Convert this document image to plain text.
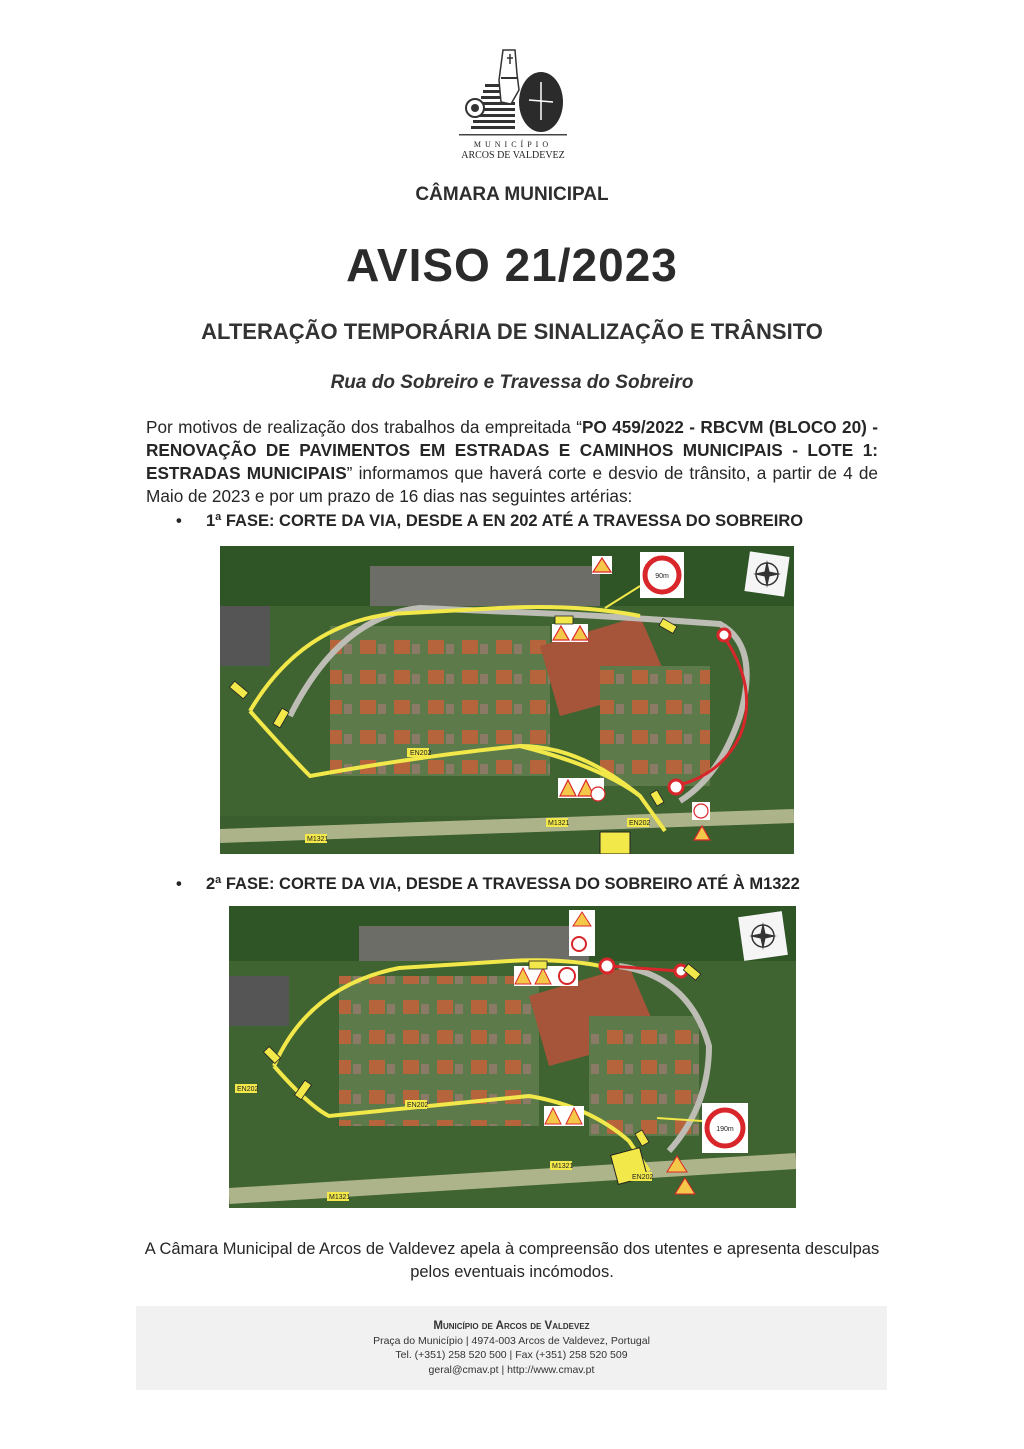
MUNICÍPIO
ARCOS DE VALDEVEZ
CÂMARA MUNICIPAL
AVISO 21/2023
ALTERAÇÃO TEMPORÁRIA DE SINALIZAÇÃO E TRÂNSITO
Rua do Sobreiro e Travessa do Sobreiro
Por motivos de realização dos trabalhos da empreitada “PO 459/2022 - RBCVM (BLOCO 20) - RENOVAÇÃO DE PAVIMENTOS EM ESTRADAS E CAMINHOS MUNICIPAIS - LOTE 1: ESTRADAS MUNICIPAIS” informamos que haverá corte e desvio de trânsito, a partir de 4 de Maio de 2023 e por um prazo de 16 dias nas seguintes artérias:
• 1ª FASE: CORTE DA VIA, DESDE A EN 202 ATÉ A TRAVESSA DO SOBREIRO
90m
EN202
M1321
M1321
EN202
• 2ª FASE: CORTE DA VIA, DESDE A TRAVESSA DO SOBREIRO ATÉ À M1322
190m
EN202
M1321
M1321
EN202
EN202
A Câmara Municipal de Arcos de Valdevez apela à compreensão dos utentes e apresenta desculpas pelos eventuais incómodos.
Município de Arcos de Valdevez
Praça do Município | 4974-003 Arcos de Valdevez, Portugal
Tel. (+351) 258 520 500 | Fax (+351) 258 520 509
geral@cmav.pt | http://www.cmav.pt
